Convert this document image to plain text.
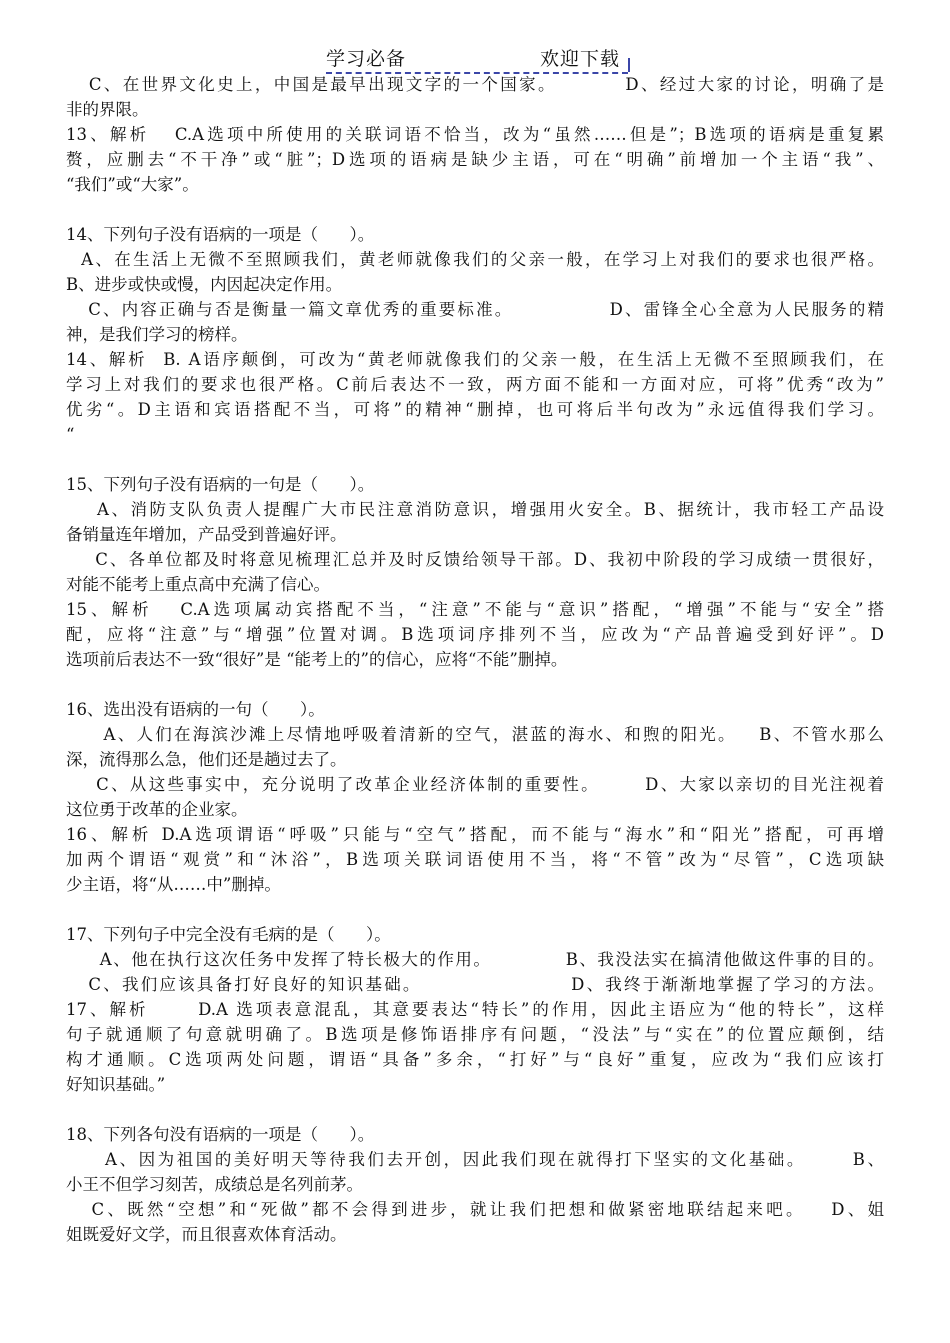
学习必备	欢迎下载
C、在世界文化史上，中国是最早出现文字的一个国家。         D、经过大家的讨论，明确了是
非的界限。
13、解析   C.A选项中所使用的关联词语不恰当，改为“虽然……但是”；B选项的语病是重复累
赘，应删去“不干净”或“脏”；D选项的语病是缺少主语，可在“明确”前增加一个主语“我”、
“我们”或“大家”。
14、下列句子没有语病的一项是（      ）。
A、在生活上无微不至照顾我们，黄老师就像我们的父亲一般，在学习上对我们的要求也很严格。
B、进步或快或慢，内因起决定作用。
C、内容正确与否是衡量一篇文章优秀的重要标准。             D、雷锋全心全意为人民服务的精
神，是我们学习的榜样。
14、解析  B. A语序颠倒，可改为“黄老师就像我们的父亲一般，在生活上无微不至照顾我们，在
学习上对我们的要求也很严格。C前后表达不一致，两方面不能和一方面对应，可将”优秀“改为”
优劣“。D主语和宾语搭配不当，可将”的精神“删掉，也可将后半句改为”永远值得我们学习。
“
15、下列句子没有语病的一句是（      ）。
A、消防支队负责人提醒广大市民注意消防意识，增强用火安全。B、据统计，我市轻工产品设
备销量连年增加，产品受到普遍好评。
C、各单位都及时将意见梳理汇总并及时反馈给领导干部。D、我初中阶段的学习成绩一贯很好，
对能不能考上重点高中充满了信心。
15、解析   C.A选项属动宾搭配不当，“注意”不能与“意识”搭配，“增强”不能与“安全”搭
配，应将“注意”与“增强”位置对调。B选项词序排列不当，应改为“产品普遍受到好评”。D
选项前后表达不一致“很好”是 “能考上的”的信心，应将“不能”删掉。
16、选出没有语病的一句（      ）。
A、人们在海滨沙滩上尽情地呼吸着清新的空气，湛蓝的海水、和煦的阳光。   B、不管水那么
深，流得那么急，他们还是趟过去了。
C、从这些事实中，充分说明了改革企业经济体制的重要性。      D、大家以亲切的目光注视着
这位勇于改革的企业家。
16、解析 D.A选项谓语“呼吸”只能与“空气”搭配，而不能与“海水”和“阳光”搭配，可再增
加两个谓语“观赏”和“沐浴”，B选项关联词语使用不当，将“不管”改为“尽管”，C选项缺
少主语，将“从……中”删掉。
17、下列句子中完全没有毛病的是（      ）。
A、他在执行这次任务中发挥了特长极大的作用。           B、我没法实在搞清他做这件事的目的。
C、我们应该具备打好良好的知识基础。                    D、我终于渐渐地掌握了学习的方法。
17、解析      D.A 选项表意混乱，其意要表达“特长”的作用，因此主语应为“他的特长”，这样
句子就通顺了句意就明确了。B选项是修饰语排序有问题，“没法”与“实在”的位置应颠倒，结
构才通顺。C选项两处问题，谓语“具备”多余，“打好”与“良好”重复，应改为“我们应该打
好知识基础。”
18、下列各句没有语病的一项是（      ）。
A、因为祖国的美好明天等待我们去开创，因此我们现在就得打下坚实的文化基础。      B、
小王不但学习刻苦，成绩总是名列前茅。
C、既然“空想”和“死做”都不会得到进步，就让我们把想和做紧密地联结起来吧。   D、姐
姐既爱好文学，而且很喜欢体育活动。
